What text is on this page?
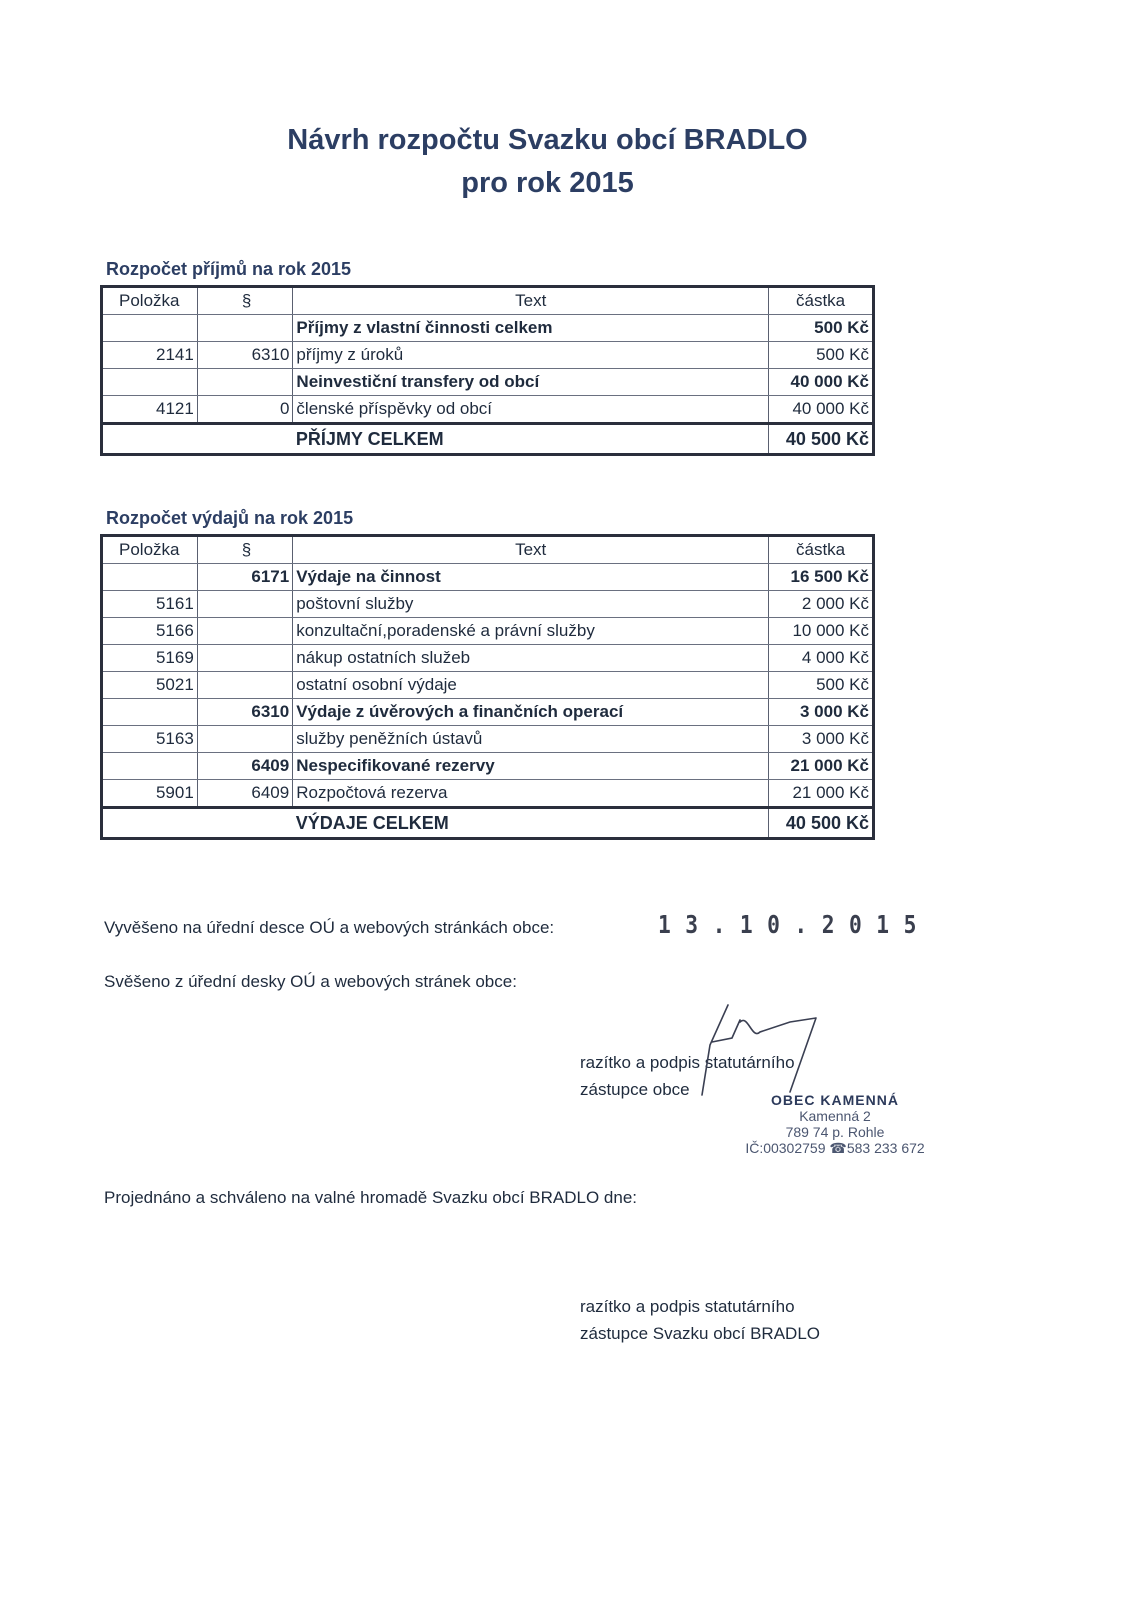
Návrh rozpočtu Svazku obcí BRADLO
pro rok 2015
Rozpočet příjmů na rok 2015
Položka	§	Text	částka
		Příjmy z vlastní činnosti celkem	500 Kč
2141	6310	příjmy z úroků	500 Kč
		Neinvestiční transfery od obcí	40 000 Kč
4121	0	členské příspěvky od obcí	40 000 Kč
		PŘÍJMY CELKEM	40 500 Kč
Rozpočet výdajů na rok 2015
Položka	§	Text	částka
	6171	Výdaje na činnost	16 500 Kč
5161		poštovní služby	2 000 Kč
5166		konzultační,poradenské a právní služby	10 000 Kč
5169		nákup ostatních služeb	4 000 Kč
5021		ostatní osobní výdaje	500 Kč
	6310	Výdaje z úvěrových a finančních operací	3 000 Kč
5163		služby peněžních ústavů	3 000 Kč
	6409	Nespecifikované rezervy	21 000 Kč
5901	6409	Rozpočtová rezerva	21 000 Kč
		VÝDAJE CELKEM	40 500 Kč
Vyvěšeno na úřední desce OÚ a webových stránkách obce:	1 3 . 1 0 . 2 0 1 5
Svěšeno z úřední desky OÚ a webových stránek obce:
razítko a podpis statutárního
zástupce obce
OBEC KAMENNÁ
Kamenná 2
789 74 p. Rohle
IČ:00302759 ☎583 233 672
Projednáno a schváleno na valné hromadě Svazku obcí BRADLO dne:
razítko a podpis statutárního
zástupce Svazku obcí BRADLO
